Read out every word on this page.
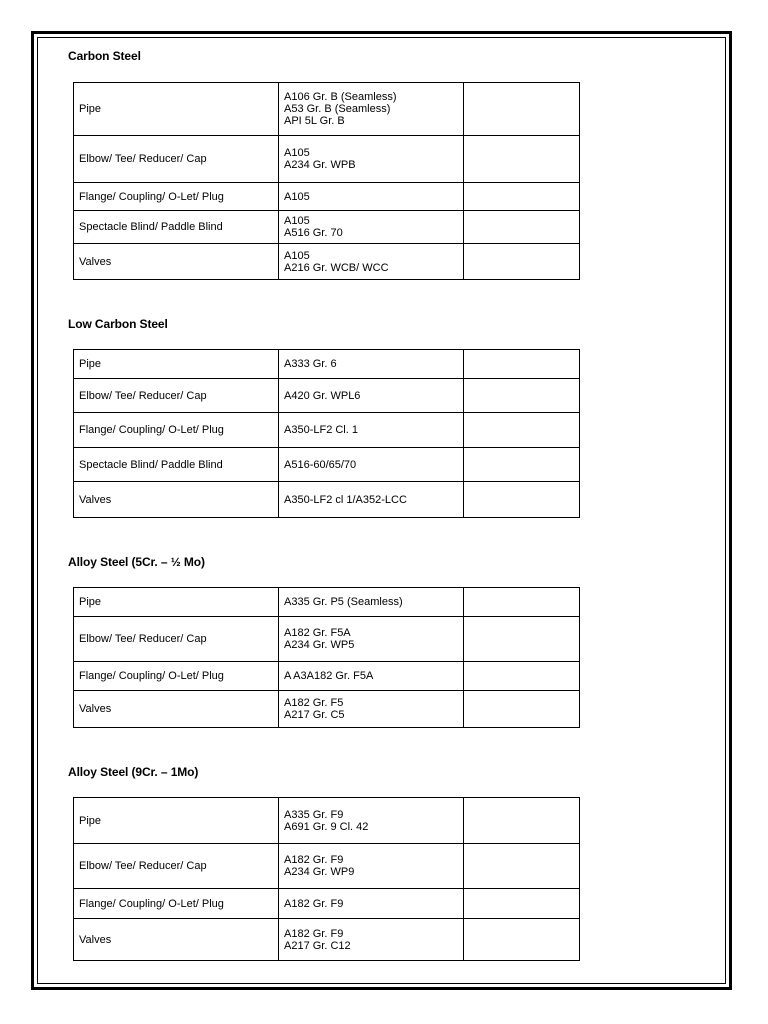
Carbon Steel
Pipe	A106 Gr. B (Seamless)
A53 Gr. B (Seamless)
API 5L Gr. B	

Elbow/ Tee/ Reducer/ Cap	A105
A234 Gr. WPB	

Flange/ Coupling/ O-Let/ Plug	A105	

Spectacle Blind/ Paddle Blind	A105
A516 Gr. 70	

Valves	A105
A216 Gr. WCB/ WCC	

Low Carbon Steel
Pipe	A333 Gr. 6	

Elbow/ Tee/ Reducer/ Cap	A420 Gr. WPL6	

Flange/ Coupling/ O-Let/ Plug	A350-LF2 Cl. 1	

Spectacle Blind/ Paddle Blind	A516-60/65/70	

Valves	A350-LF2 cl 1/A352-LCC	

Alloy Steel (5Cr. – ½ Mo)
Pipe	A335 Gr. P5 (Seamless)	

Elbow/ Tee/ Reducer/ Cap	A182 Gr. F5A
A234 Gr. WP5	

Flange/ Coupling/ O-Let/ Plug	A A3A182 Gr. F5A	

Valves	A182 Gr. F5
A217 Gr. C5	

Alloy Steel (9Cr. – 1Mo)
Pipe	A335 Gr. F9
A691 Gr. 9 Cl. 42	

Elbow/ Tee/ Reducer/ Cap	A182 Gr. F9
A234 Gr. WP9	

Flange/ Coupling/ O-Let/ Plug	A182 Gr. F9	

Valves	A182 Gr. F9
A217 Gr. C12	
